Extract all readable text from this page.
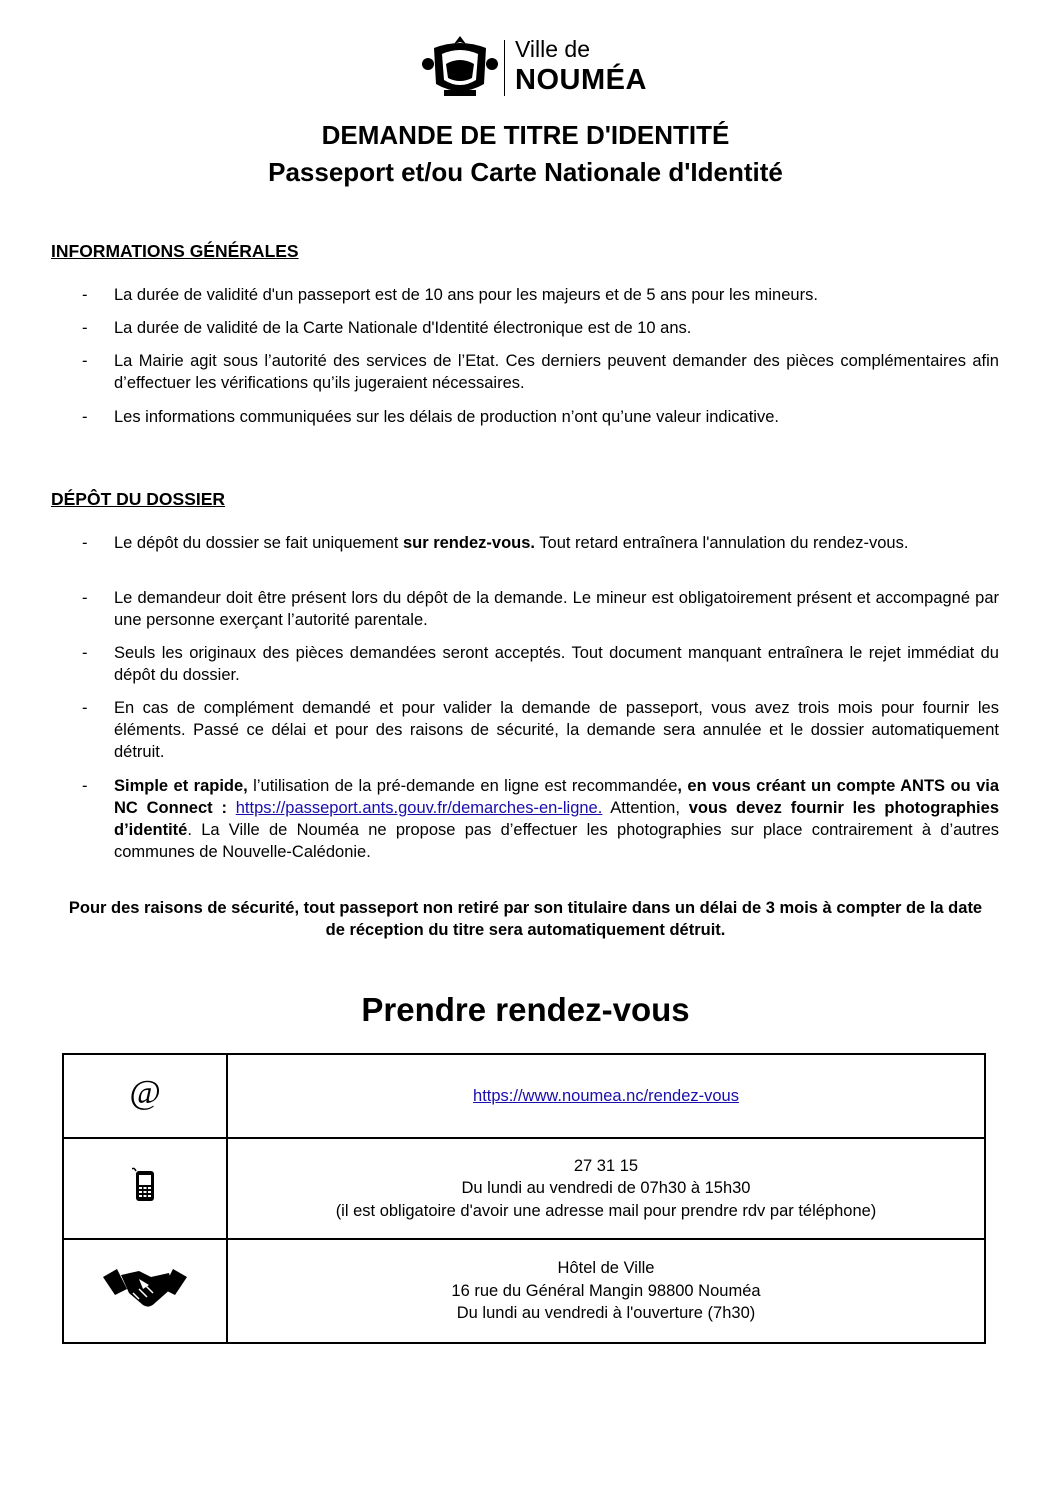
Ville de
NOUMÉA
DEMANDE DE TITRE D'IDENTITÉ
Passeport et/ou Carte Nationale d'Identité
INFORMATIONS GÉNÉRALES
- La durée de validité d'un passeport est de 10 ans pour les majeurs et de 5 ans pour les mineurs.
- La durée de validité de la Carte Nationale d'Identité électronique est de 10 ans.
- La Mairie agit sous l’autorité des services de l’Etat. Ces derniers peuvent demander des pièces complémentaires afin d’effectuer les vérifications qu’ils jugeraient nécessaires.
- Les informations communiquées sur les délais de production n’ont qu’une valeur indicative.
DÉPÔT DU DOSSIER
- Le dépôt du dossier se fait uniquement sur rendez-vous. Tout retard entraînera l'annulation du rendez-vous.
- Le demandeur doit être présent lors du dépôt de la demande. Le mineur est obligatoirement présent et accompagné par une personne exerçant l’autorité parentale.
- Seuls les originaux des pièces demandées seront acceptés. Tout document manquant entraînera le rejet immédiat du dépôt du dossier.
- En cas de complément demandé et pour valider la demande de passeport, vous avez trois mois pour fournir les éléments. Passé ce délai et pour des raisons de sécurité, la demande sera annulée et le dossier automatiquement détruit.
- Simple et rapide, l’utilisation de la pré-demande en ligne est recommandée, en vous créant un compte ANTS ou via NC Connect : https://passeport.ants.gouv.fr/demarches-en-ligne. Attention, vous devez fournir les photographies d’identité. La Ville de Nouméa ne propose pas d’effectuer les photographies sur place contrairement à d’autres communes de Nouvelle-Calédonie.
Pour des raisons de sécurité, tout passeport non retiré par son titulaire dans un délai de 3 mois à compter de la date de réception du titre sera automatiquement détruit.
Prendre rendez-vous
@	https://www.noumea.nc/rendez-vous

27 31 15
Du lundi au vendredi de 07h30 à 15h30
(il est obligatoire d'avoir une adresse mail pour prendre rdv par téléphone)

Hôtel de Ville
16 rue du Général Mangin 98800 Nouméa
Du lundi au vendredi à l'ouverture (7h30)
